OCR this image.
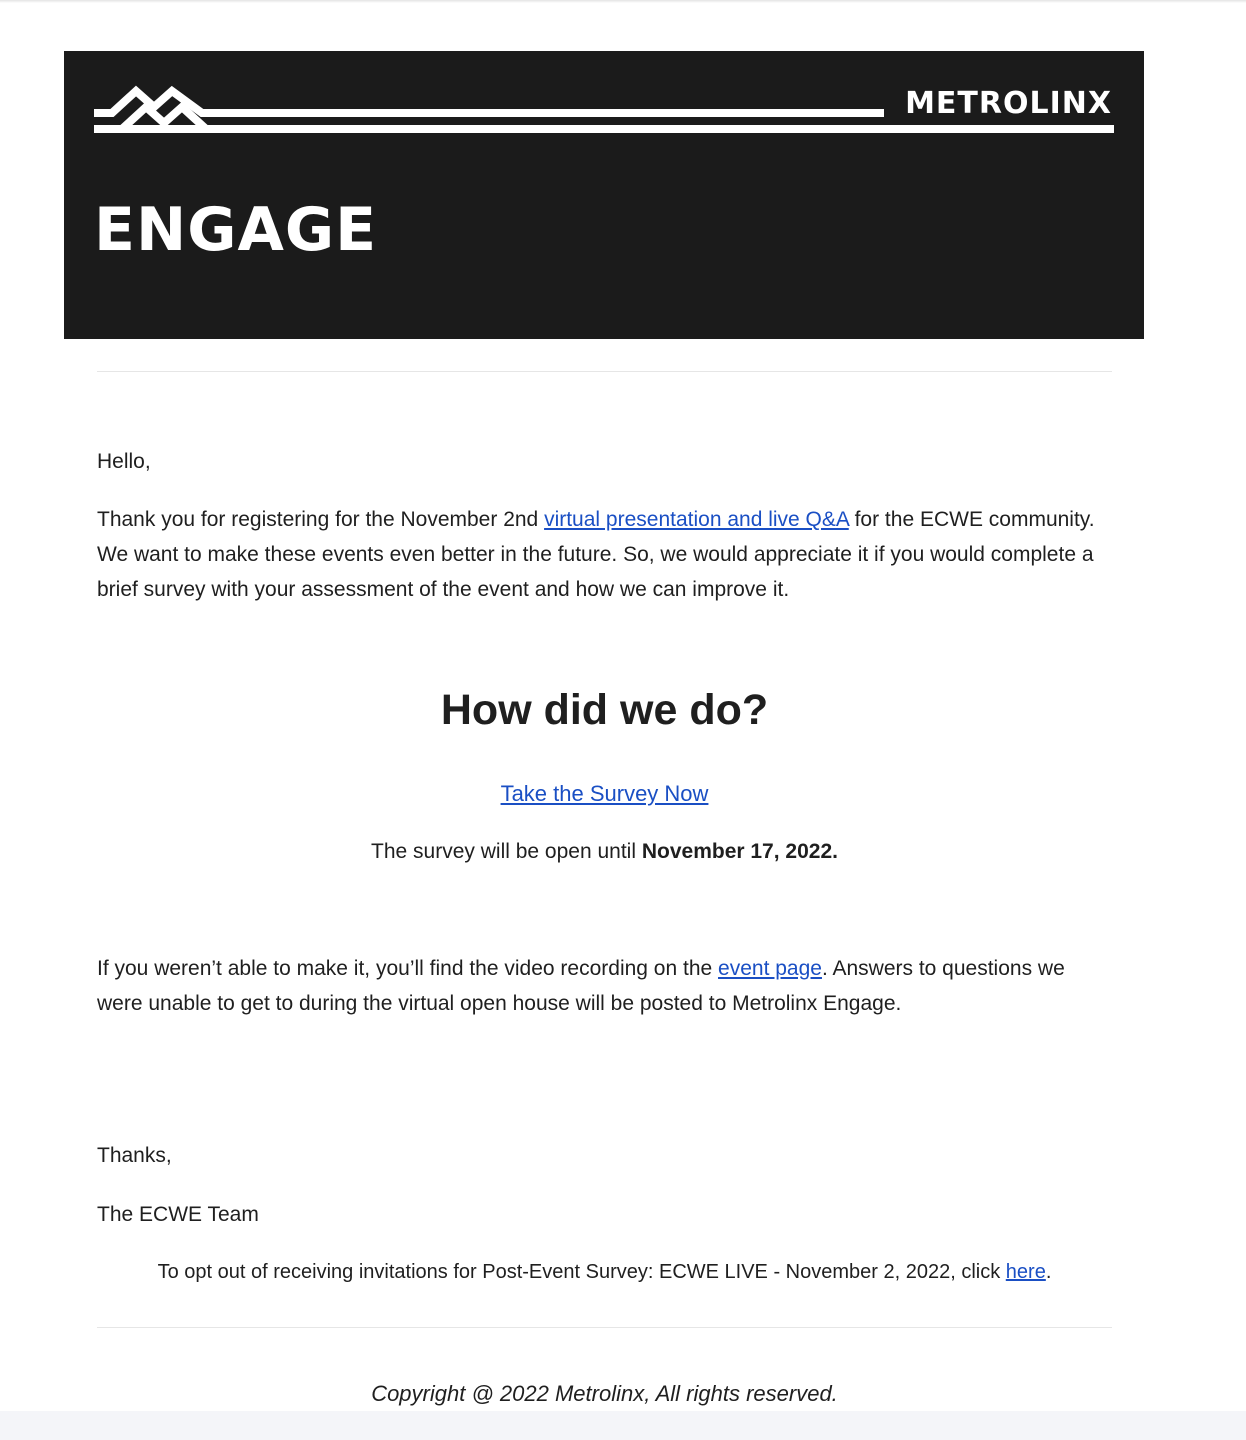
METROLINX
ENGAGE

Hello,

Thank you for registering for the November 2nd virtual presentation and live Q&A for the ECWE community. We want to make these events even better in the future. So, we would appreciate it if you would complete a brief survey with your assessment of the event and how we can improve it.

How did we do?

Take the Survey Now

The survey will be open until November 17, 2022.

If you weren’t able to make it, you’ll find the video recording on the event page. Answers to questions we were unable to get to during the virtual open house will be posted to Metrolinx Engage.

Thanks,

The ECWE Team

To opt out of receiving invitations for Post-Event Survey: ECWE LIVE - November 2, 2022, click here.

Copyright @ 2022 Metrolinx, All rights reserved.
